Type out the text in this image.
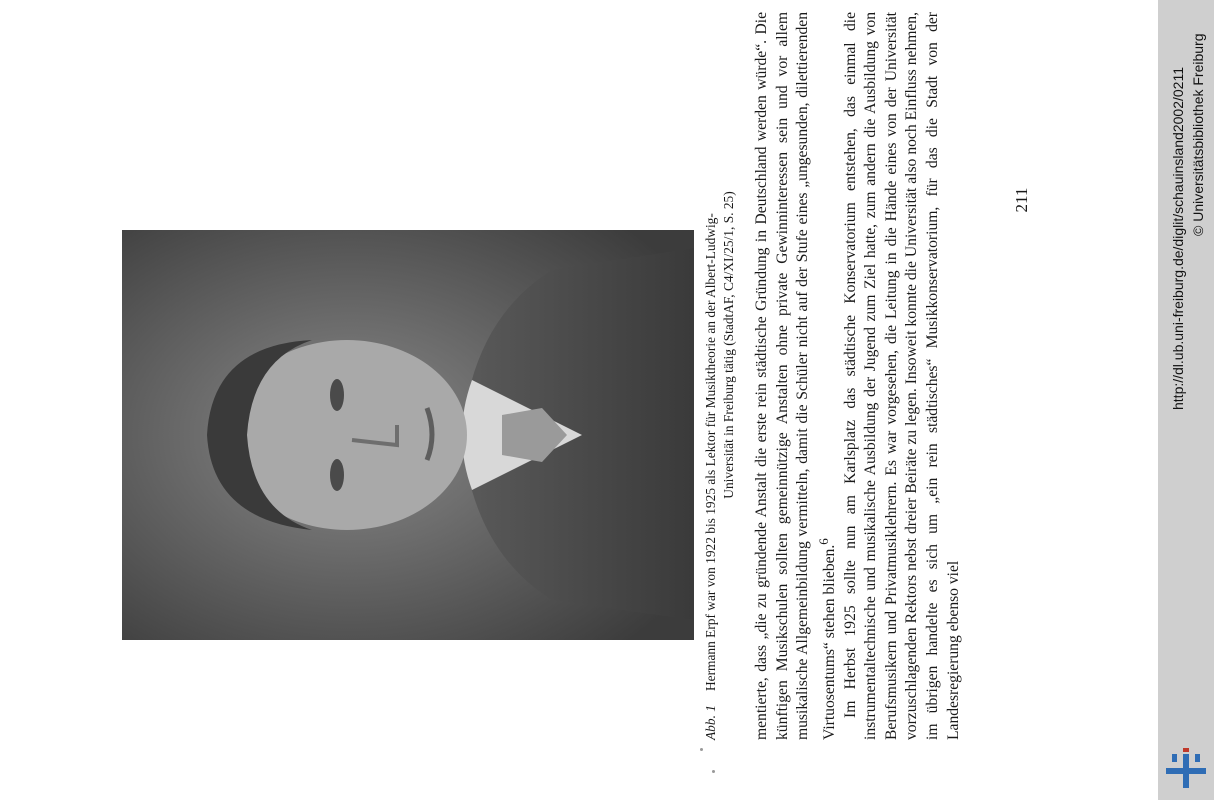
Abb. 1Hermann Erpf war von 1922 bis 1925 als Lektor für Musiktheorie an der Albert-Ludwig- Universität in Freiburg tätig (StadtAF, C4/XI/25/1, S. 25) mentierte, dass „die zu gründende Anstalt die erste rein städtische Gründung in Deutschland werden würde“. Die künftigen Musikschulen sollten gemeinnützige Anstalten ohne private Gewinninteressen sein und vor allem musikalische Allgemeinbildung vermitteln, damit die Schüler nicht auf der Stufe eines „ungesunden, dilettierenden Virtuosentums“ stehen blieben.$^6$ Im Herbst 1925 sollte nun am Karlsplatz das städtische Konservatorium entstehen, das einmal die instrumentaltechnische und musikalische Ausbildung der Jugend zum Ziel hatte, zum andern die Ausbildung von Berufsmusikern und Privatmusiklehrern. Es war vorgesehen, die Leitung in die Hände eines von der Universität vorzuschlagenden Rektors nebst dreier Beiräte zu legen. Insoweit konnte die Universität also noch Einfluss nehmen, im übrigen handelte es sich um „ein rein städtisches“ Musikkonservatorium, für das die Stadt von der Landesregierung ebenso viel

211	http://dl.ub.uni-freiburg.de/diglit/schauinsland2002/0211 © Universitätsbibliothek Freiburg
